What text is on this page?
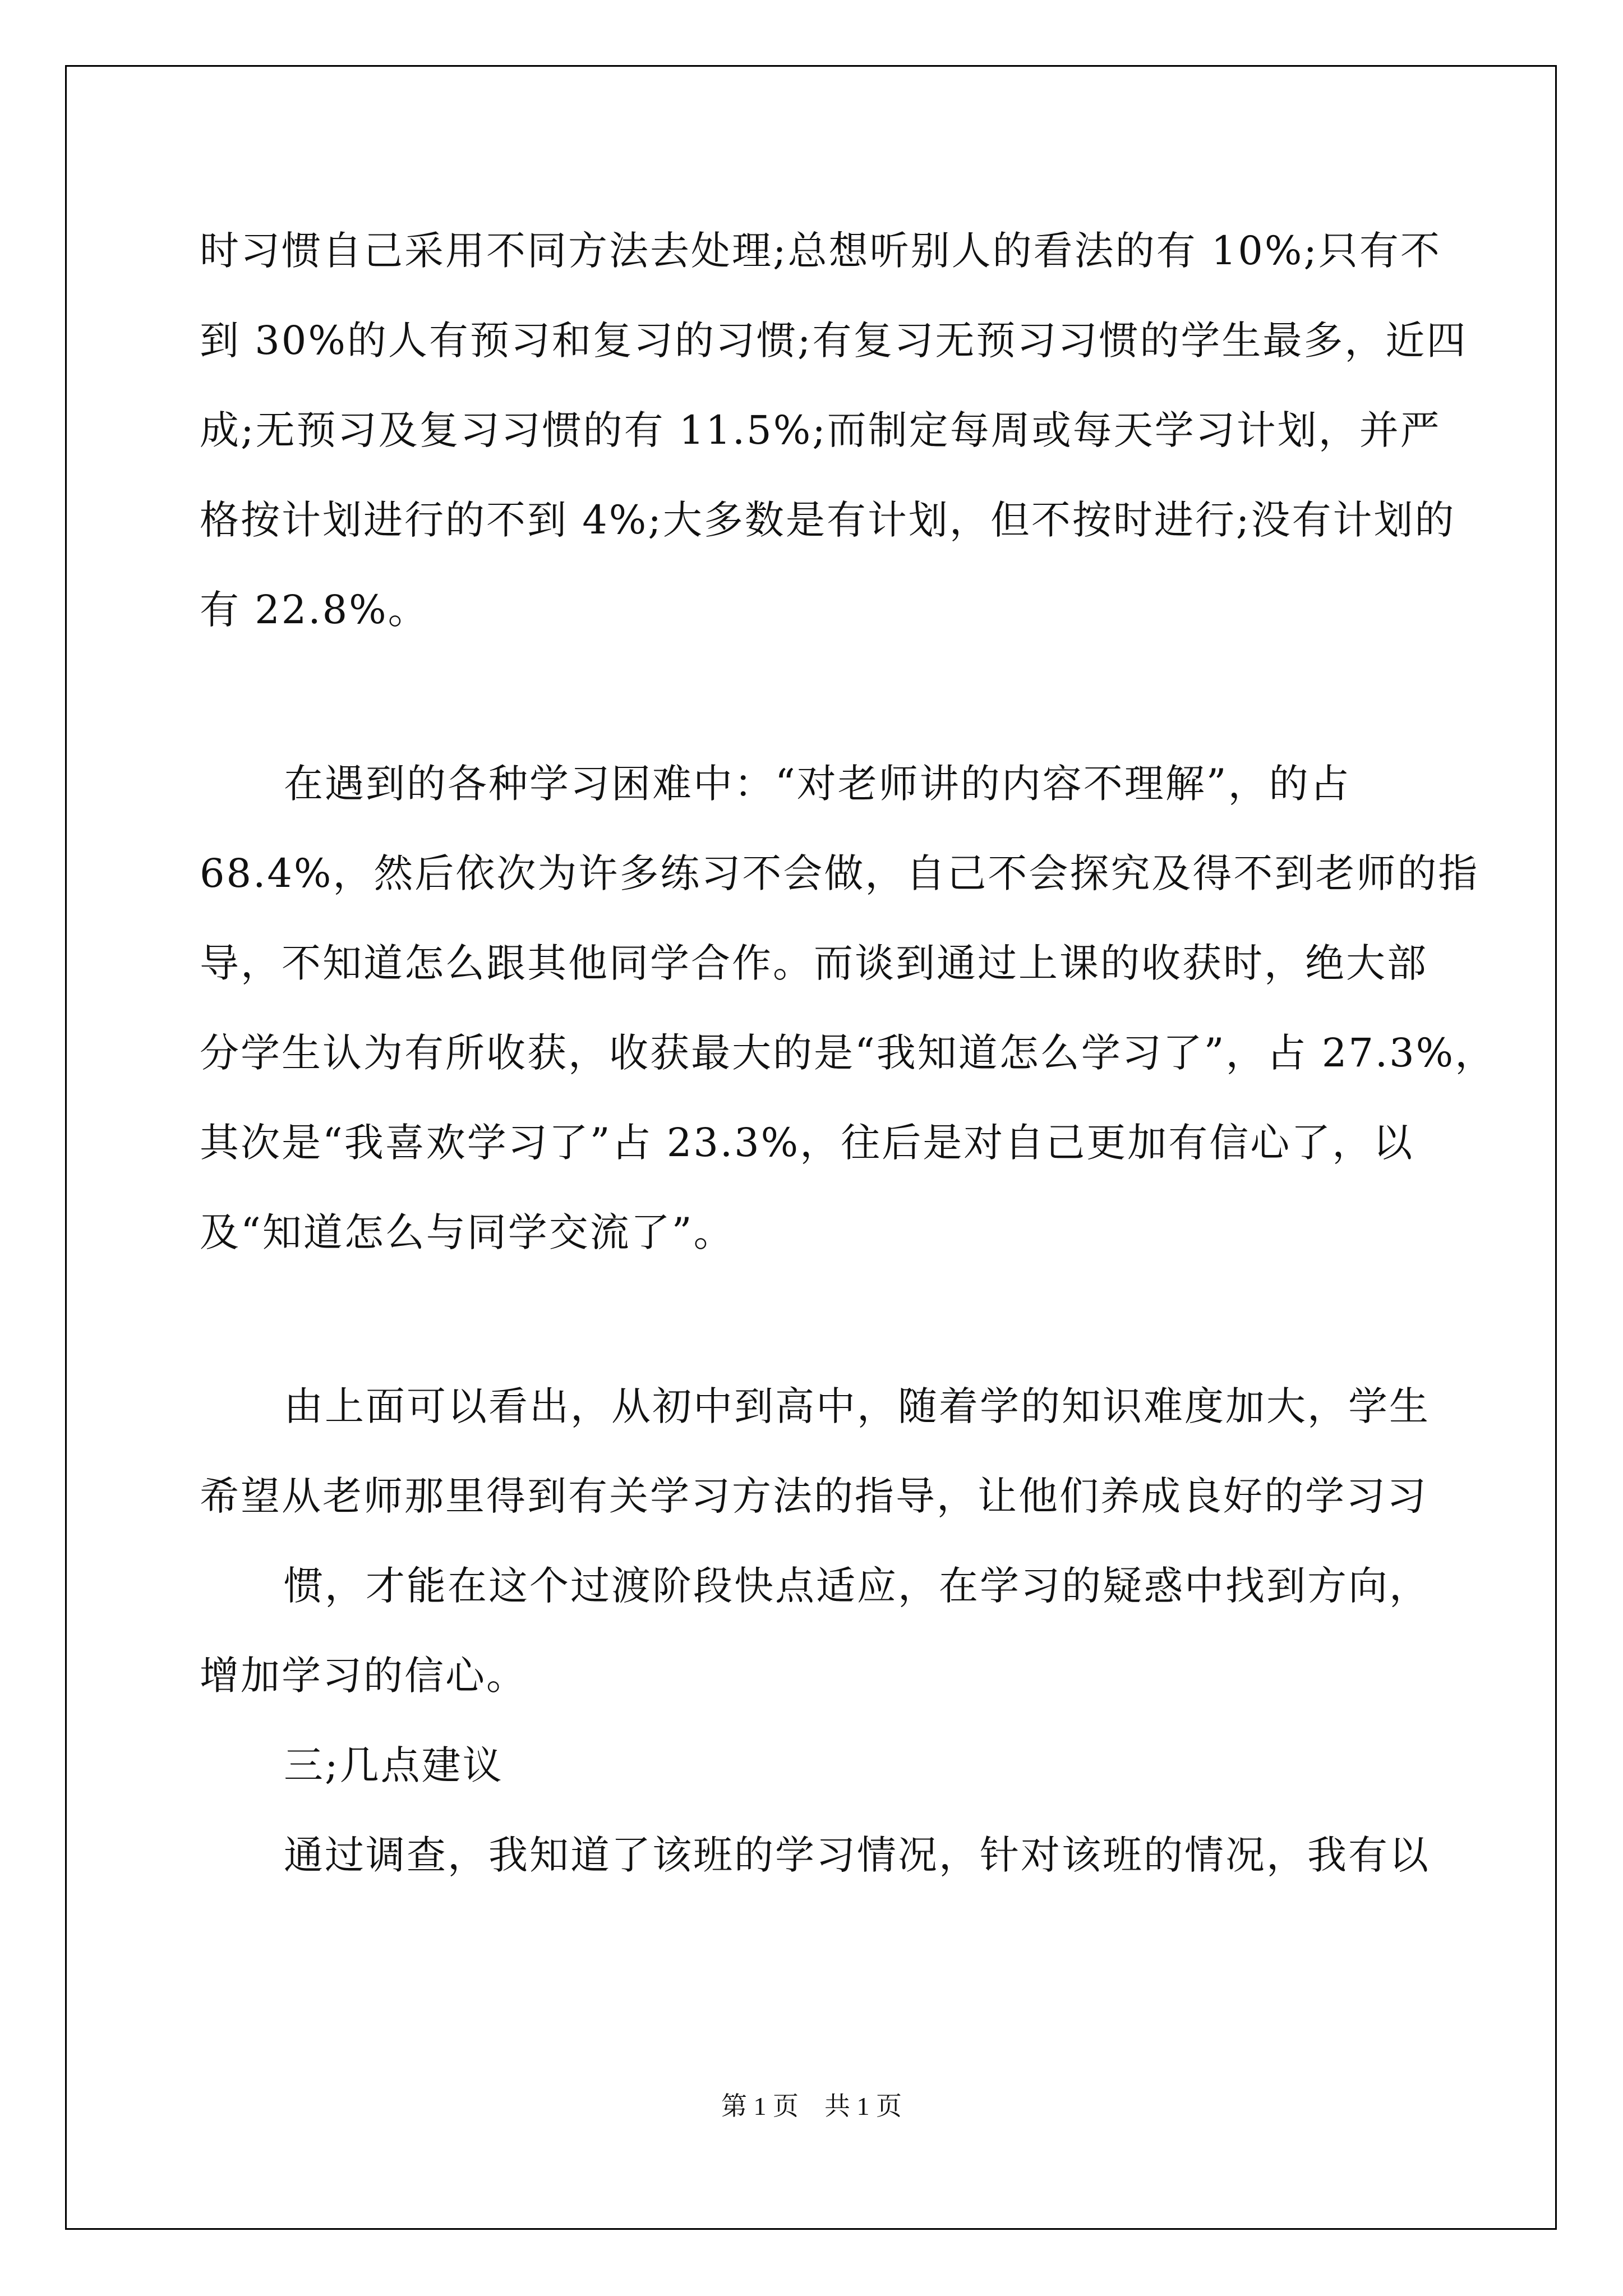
时习惯自己采用不同方法去处理;总想听别人的看法的有 10%;只有不
到 30%的人有预习和复习的习惯;有复习无预习习惯的学生最多，近四
成;无预习及复习习惯的有 11.5%;而制定每周或每天学习计划，并严
格按计划进行的不到 4%;大多数是有计划，但不按时进行;没有计划的
有 22.8%。
在遇到的各种学习困难中：“对老师讲的内容不理解”，的占
68.4%，然后依次为许多练习不会做，自己不会探究及得不到老师的指
导，不知道怎么跟其他同学合作。而谈到通过上课的收获时，绝大部
分学生认为有所收获，收获最大的是“我知道怎么学习了”，占 27.3%，
其次是“我喜欢学习了”占 23.3%，往后是对自己更加有信心了，以
及“知道怎么与同学交流了”。
由上面可以看出，从初中到高中，随着学的知识难度加大，学生
希望从老师那里得到有关学习方法的指导，让他们养成良好的学习习
惯，才能在这个过渡阶段快点适应，在学习的疑惑中找到方向，
增加学习的信心。
三;几点建议
通过调查，我知道了该班的学习情况，针对该班的情况，我有以
第 1 页　共 1 页
